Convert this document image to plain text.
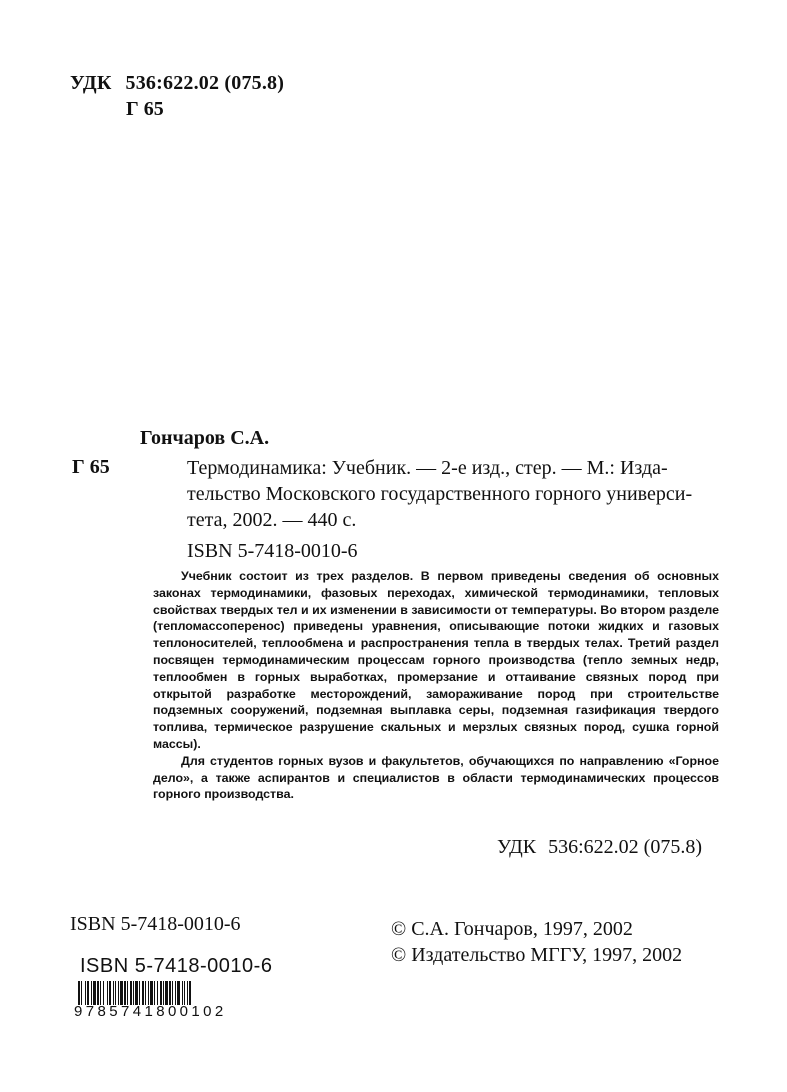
УДК 536:622.02 (075.8)
Г 65
Гончаров С.А.
Г 65	Термодинамика: Учебник. — 2-е изд., стер. — М.: Изда-
тельство Московского государственного горного универси-
тета, 2002. — 440 с.
ISBN 5-7418-0010-6

Учебник состоит из трех разделов. В первом приведены сведения об основных законах термодинамики, фазовых переходах, химической термодинамики, тепловых свойствах твердых тел и их изменении в зависимости от температуры. Во втором разделе (тепломассоперенос) приведены уравнения, описывающие потоки жидких и газовых теплоносителей, теплообмена и распространения тепла в твердых телах. Третий раздел посвящен термодинамическим процессам горного производства (тепло земных недр, теплообмен в горных выработках, промерзание и оттаивание связных пород при открытой разработке месторождений, замораживание пород при строительстве подземных сооружений, подземная выплавка серы, подземная газификация твердого топлива, термическое разрушение скальных и мерзлых связных пород, сушка горной массы).

Для студентов горных вузов и факультетов, обучающихся по направлению «Горное дело», а также аспирантов и специалистов в области термодинамических процессов горного производства.

УДК 536:622.02 (075.8)
ISBN 5-7418-0010-6	© С.А. Гончаров, 1997, 2002
© Издательство МГГУ, 1997, 2002
ISBN 5-7418-0010-6
9785741800102
